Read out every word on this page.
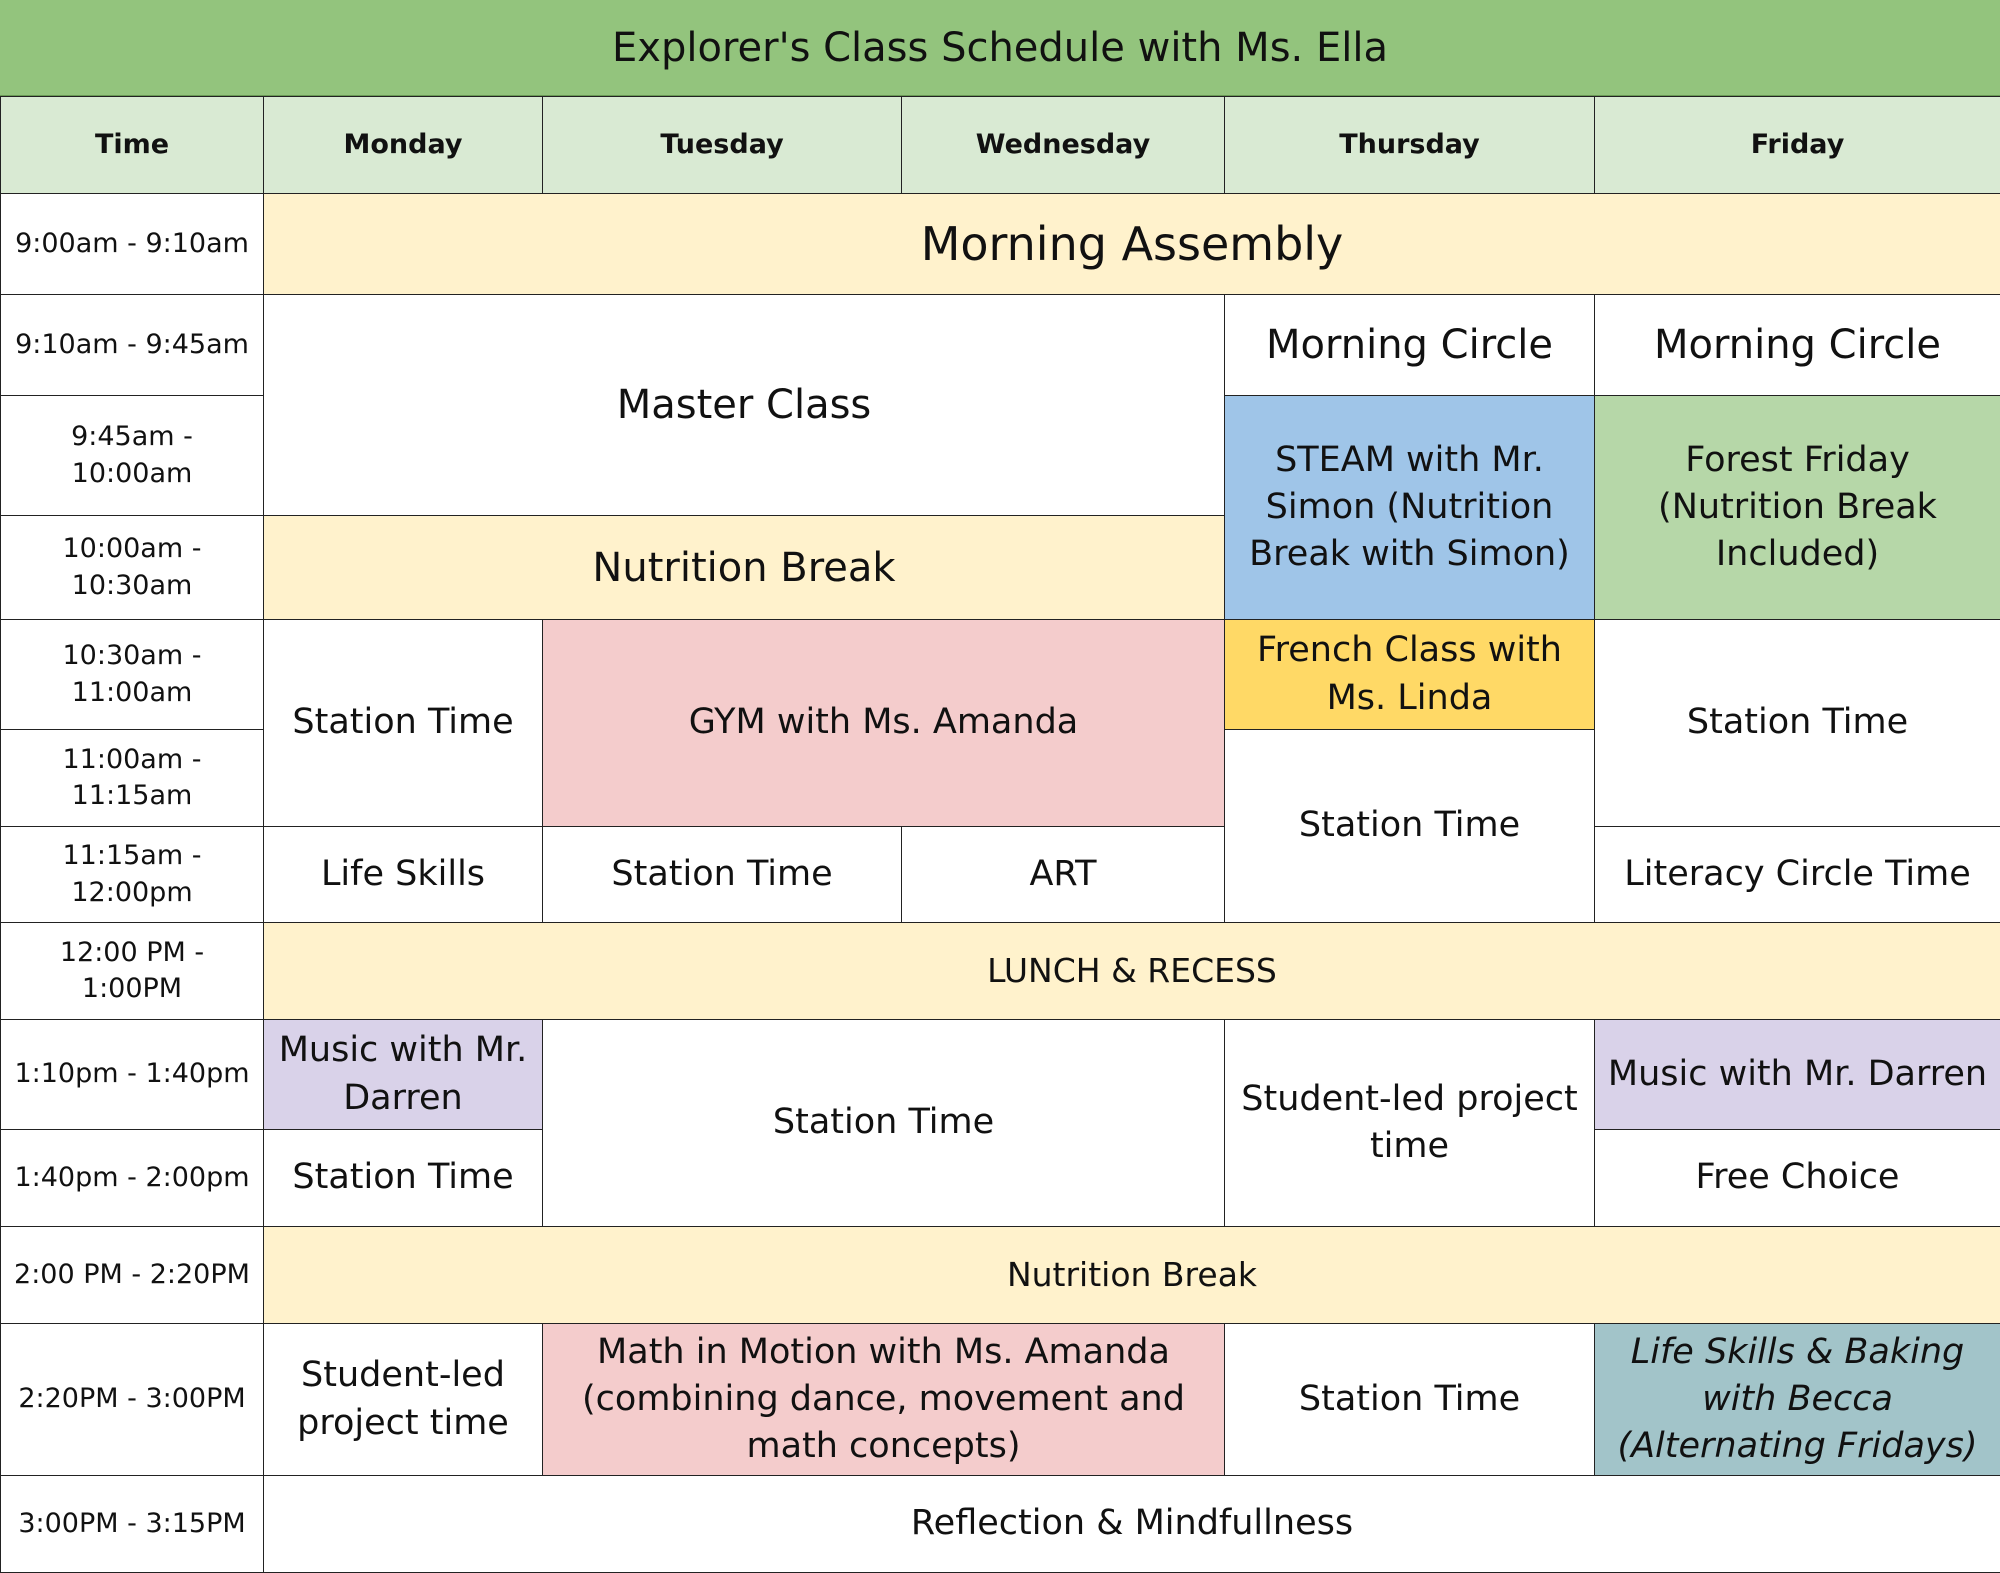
Explorer's Class Schedule with Ms. Ella
Time	Monday	Tuesday	Wednesday	Thursday	Friday
9:00am - 9:10am	Morning Assembly				
9:10am - 9:45am	Master Class			Morning Circle	Morning Circle
9:45am - 10:00am				STEAM with Mr. Simon (Nutrition Break with Simon)	Forest Friday (Nutrition Break Included)
10:00am - 10:30am	Nutrition Break				
10:30am - 11:00am	Station Time	GYM with Ms. Amanda		French Class with Ms. Linda	Station Time
11:00am - 11:15am				Station Time	
11:15am - 12:00pm	Life Skills	Station Time	ART		Literacy Circle Time
12:00 PM - 1:00PM	LUNCH & RECESS				
1:10pm - 1:40pm	Music with Mr. Darren	Station Time		Student-led project time	Music with Mr. Darren
1:40pm - 2:00pm	Station Time				Free Choice
2:00 PM - 2:20PM	Nutrition Break				
2:20PM - 3:00PM	Student-led project time	Math in Motion with Ms. Amanda (combining dance, movement and math concepts)		Station Time	Life Skills & Baking with Becca (Alternating Fridays)
3:00PM - 3:15PM	Reflection & Mindfullness				
